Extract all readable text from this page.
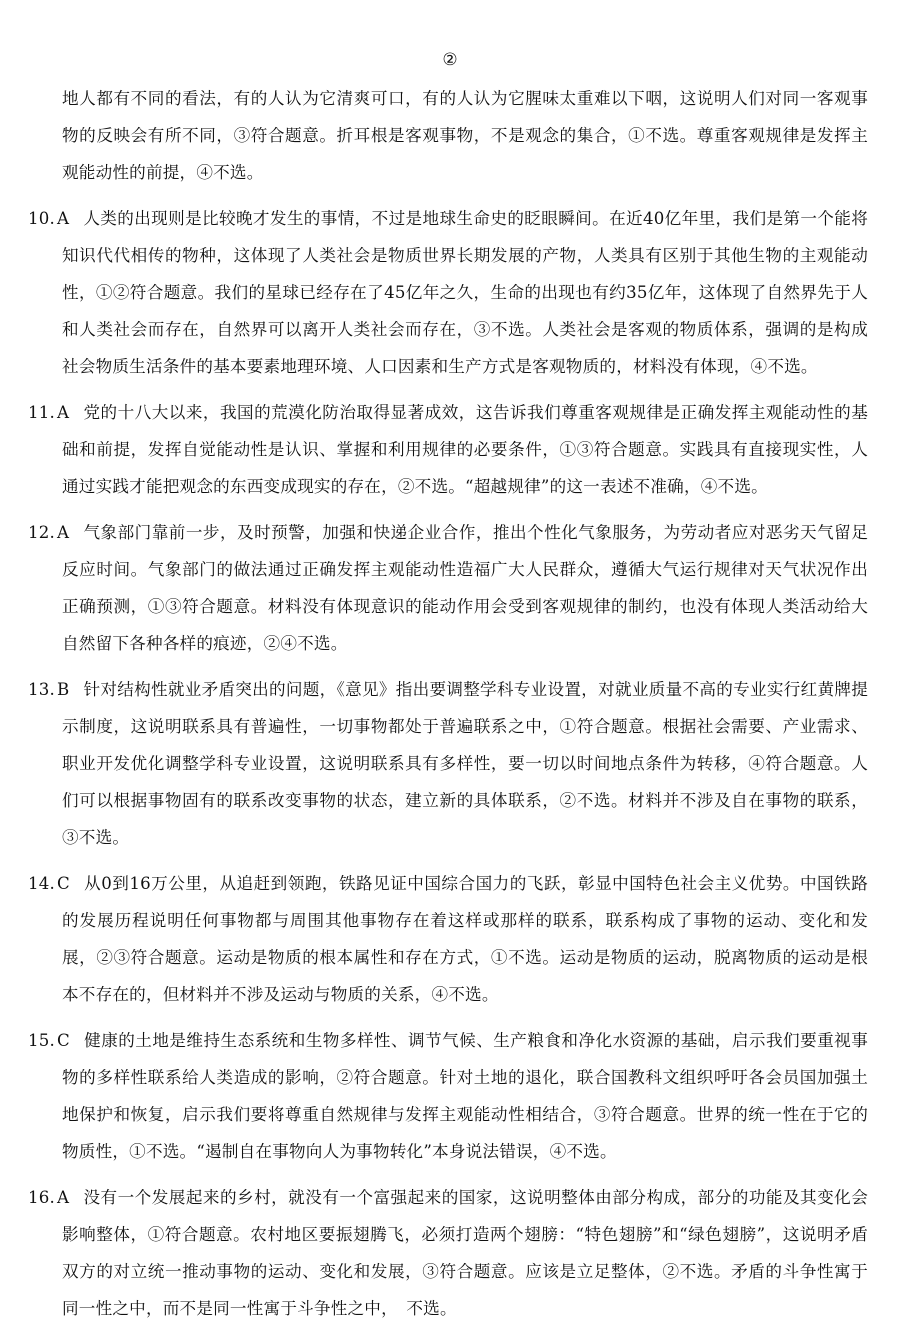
②

地人都有不同的看法，有的人认为它清爽可口，有的人认为它腥味太重难以下咽，这说明人们对同一客观事物的反映会有所不同，③符合题意。折耳根是客观事物，不是观念的集合，①不选。尊重客观规律是发挥主观能动性的前提，④不选。

10. A 人类的出现则是比较晚才发生的事情，不过是地球生命史的眨眼瞬间。在近40亿年里，我们是第一个能将知识代代相传的物种，这体现了人类社会是物质世界长期发展的产物，人类具有区别于其他生物的主观能动性，①②符合题意。我们的星球已经存在了45亿年之久，生命的出现也有约35亿年，这体现了自然界先于人和人类社会而存在，自然界可以离开人类社会而存在，③不选。人类社会是客观的物质体系，强调的是构成社会物质生活条件的基本要素地理环境、人口因素和生产方式是客观物质的，材料没有体现，④不选。

11. A 党的十八大以来，我国的荒漠化防治取得显著成效，这告诉我们尊重客观规律是正确发挥主观能动性的基础和前提，发挥自觉能动性是认识、掌握和利用规律的必要条件，①③符合题意。实践具有直接现实性，人通过实践才能把观念的东西变成现实的存在，②不选。“超越规律”的这一表述不准确，④不选。

12. A 气象部门靠前一步，及时预警，加强和快递企业合作，推出个性化气象服务，为劳动者应对恶劣天气留足反应时间。气象部门的做法通过正确发挥主观能动性造福广大人民群众，遵循大气运行规律对天气状况作出正确预测，①③符合题意。材料没有体现意识的能动作用会受到客观规律的制约，也没有体现人类活动给大自然留下各种各样的痕迹，②④不选。

13. B 针对结构性就业矛盾突出的问题，《意见》指出要调整学科专业设置，对就业质量不高的专业实行红黄牌提示制度，这说明联系具有普遍性，一切事物都处于普遍联系之中，①符合题意。根据社会需要、产业需求、职业开发优化调整学科专业设置，这说明联系具有多样性，要一切以时间地点条件为转移，④符合题意。人们可以根据事物固有的联系改变事物的状态，建立新的具体联系，②不选。材料并不涉及自在事物的联系，③不选。

14. C 从0到16万公里，从追赶到领跑，铁路见证中国综合国力的飞跃，彰显中国特色社会主义优势。中国铁路的发展历程说明任何事物都与周围其他事物存在着这样或那样的联系，联系构成了事物的运动、变化和发展，②③符合题意。运动是物质的根本属性和存在方式，①不选。运动是物质的运动，脱离物质的运动是根本不存在的，但材料并不涉及运动与物质的关系，④不选。

15. C 健康的土地是维持生态系统和生物多样性、调节气候、生产粮食和净化水资源的基础，启示我们要重视事物的多样性联系给人类造成的影响，②符合题意。针对土地的退化，联合国教科文组织呼吁各会员国加强土地保护和恢复，启示我们要将尊重自然规律与发挥主观能动性相结合，③符合题意。世界的统一性在于它的物质性，①不选。“遏制自在事物向人为事物转化”本身说法错误，④不选。

16. A 没有一个发展起来的乡村，就没有一个富强起来的国家，这说明整体由部分构成，部分的功能及其变化会影响整体，①符合题意。农村地区要振翅腾飞，必须打造两个翅膀：“特色翅膀”和“绿色翅膀”，这说明矛盾双方的对立统一推动事物的运动、变化和发展，③符合题意。应该是立足整体，②不选。矛盾的斗争性寓于同一性之中，而不是同一性寓于斗争性之中，　不选。
